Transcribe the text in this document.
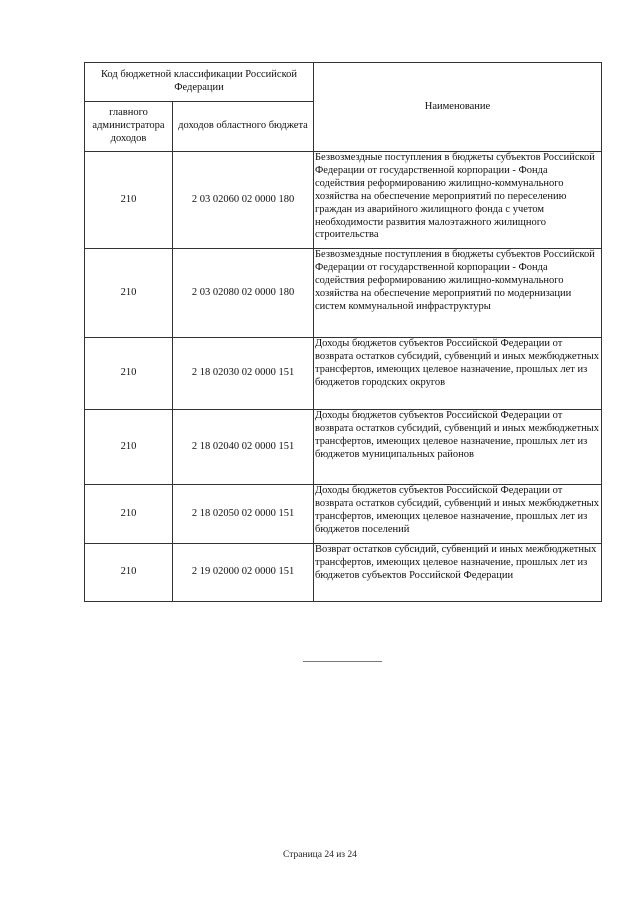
Код бюджетной классификации Российской Федерации		Наименование
главного администратора доходов	доходов областного бюджета	
210	2 03 02060 02 0000 180	Безвозмездные поступления в бюджеты субъектов Российской Федерации от государственной корпорации - Фонда содействия реформированию жилищно-коммунального хозяйства на обеспечение мероприятий по переселению граждан из аварийного жилищного фонда с учетом необходимости развития малоэтажного жилищного строительства
210	2 03 02080 02 0000 180	Безвозмездные поступления в бюджеты субъектов Российской Федерации от государственной корпорации - Фонда содействия реформированию жилищно-коммунального хозяйства на обеспечение мероприятий по модернизации систем коммунальной инфраструктуры
210	2 18 02030 02 0000 151	Доходы бюджетов субъектов Российской Федерации от возврата остатков субсидий, субвенций и иных межбюджетных трансфертов, имеющих целевое назначение, прошлых лет из бюджетов городских округов
210	2 18 02040 02 0000 151	Доходы бюджетов субъектов Российской Федерации от возврата остатков субсидий, субвенций и иных межбюджетных трансфертов, имеющих целевое назначение, прошлых лет из бюджетов муниципальных районов
210	2 18 02050 02 0000 151	Доходы бюджетов субъектов Российской Федерации от возврата остатков субсидий, субвенций и иных межбюджетных трансфертов, имеющих целевое назначение, прошлых лет из бюджетов поселений
210	2 19 02000 02 0000 151	Возврат остатков субсидий, субвенций и иных межбюджетных трансфертов, имеющих целевое назначение, прошлых лет из бюджетов субъектов Российской Федерации
Страница 24 из 24
